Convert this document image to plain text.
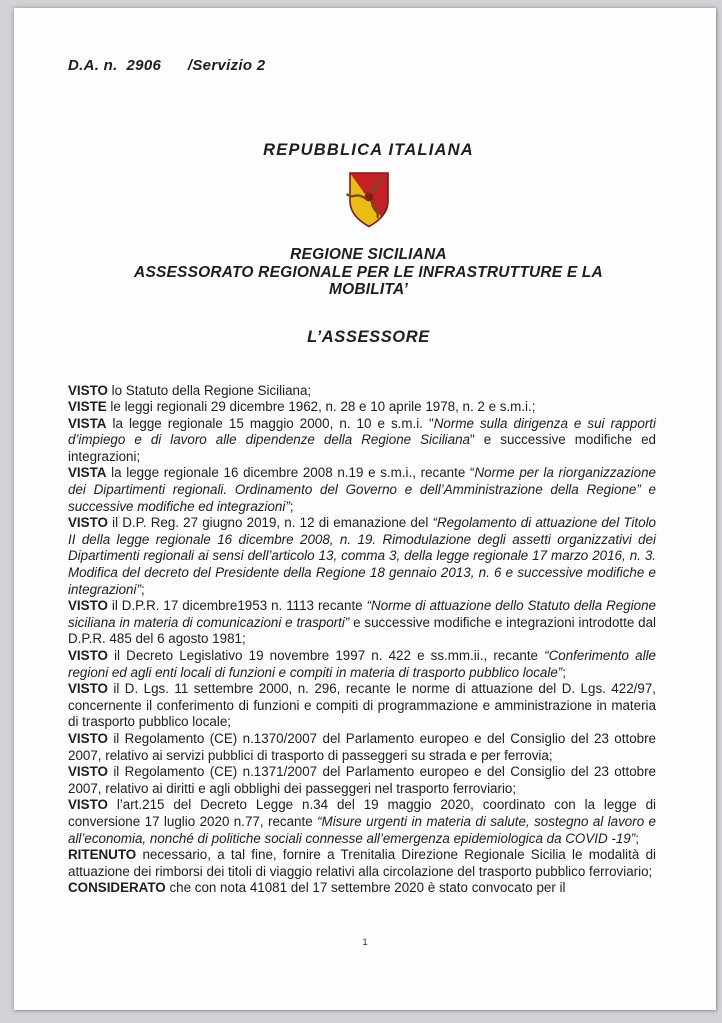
D.A. n.  2906      /Servizio 2
REPUBBLICA ITALIANA
REGIONE SICILIANA
ASSESSORATO REGIONALE PER LE INFRASTRUTTURE E LA
MOBILITA’
L’ASSESSORE

VISTO lo Statuto della Regione Siciliana;

VISTE le leggi regionali 29 dicembre 1962, n. 28 e 10 aprile 1978, n. 2 e s.m.i.;

VISTA la legge regionale 15 maggio 2000, n. 10 e s.m.i. "Norme sulla dirigenza e sui rapporti d’impiego e di lavoro alle dipendenze della Regione Siciliana" e successive modifiche ed integrazioni;

VISTA la legge regionale 16 dicembre 2008 n.19 e s.m.i., recante “Norme per la riorganizzazione dei Dipartimenti regionali. Ordinamento del Governo e dell’Amministrazione della Regione” e successive modifiche ed integrazioni”;

VISTO il D.P. Reg. 27 giugno 2019, n. 12 di emanazione del “Regolamento di attuazione del Titolo II della legge regionale 16 dicembre 2008, n. 19. Rimodulazione degli assetti organizzativi dei Dipartimenti regionali ai sensi dell’articolo 13, comma 3, della legge regionale 17 marzo 2016, n. 3. Modifica del decreto del Presidente della Regione 18 gennaio 2013, n. 6 e successive modifiche e integrazioni”;

VISTO il D.P.R. 17 dicembre1953 n. 1113 recante “Norme di attuazione dello Statuto della Regione siciliana in materia di comunicazioni e trasporti” e successive modifiche e integrazioni introdotte dal D.P.R. 485 del 6 agosto 1981;

VISTO il Decreto Legislativo 19 novembre 1997 n. 422 e ss.mm.ii., recante “Conferimento alle regioni ed agli enti locali di funzioni e compiti in materia di trasporto pubblico locale”;

VISTO il D. Lgs. 11 settembre 2000, n. 296, recante le norme di attuazione del D. Lgs. 422/97, concernente il conferimento di funzioni e compiti di programmazione e amministrazione in materia di trasporto pubblico locale;

VISTO il Regolamento (CE) n.1370/2007 del Parlamento europeo e del Consiglio del 23 ottobre 2007, relativo ai servizi pubblici di trasporto di passeggeri su strada e per ferrovia;

VISTO il Regolamento (CE) n.1371/2007 del Parlamento europeo e del Consiglio del 23 ottobre 2007, relativo ai diritti e agli obblighi dei passeggeri nel trasporto ferroviario;

VISTO l’art.215 del Decreto Legge n.34 del 19 maggio 2020, coordinato con la legge di conversione 17 luglio 2020 n.77, recante “Misure urgenti in materia di salute, sostegno al lavoro e all’economia, nonché di politiche sociali connesse all’emergenza epidemiologica da COVID -19”;

RITENUTO necessario, a tal fine, fornire a Trenitalia Direzione Regionale Sicilia le modalità di attuazione dei rimborsi dei titoli di viaggio relativi alla circolazione del trasporto pubblico ferroviario;

CONSIDERATO che con nota 41081 del 17 settembre 2020 è stato convocato per il

1
